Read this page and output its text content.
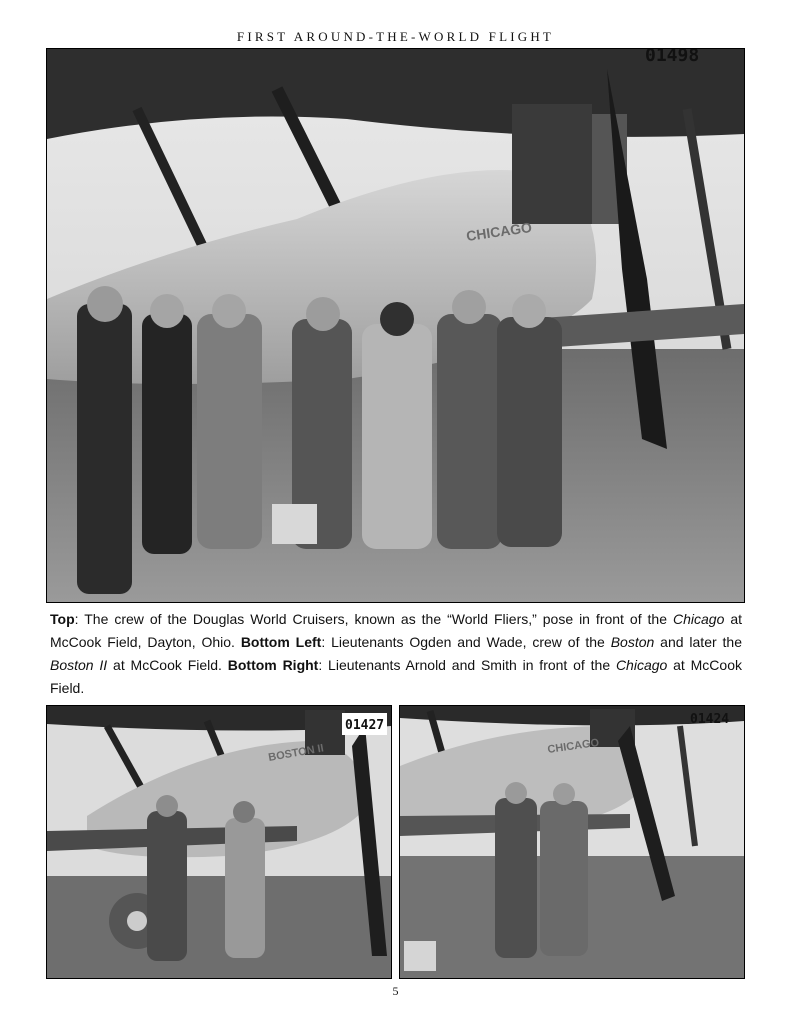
FIRST AROUND-THE-WORLD FLIGHT
CHICAGO
01498
Top: The crew of the Douglas World Cruisers, known as the “World Fliers,” pose in front of the Chicago at McCook Field, Dayton, Ohio. Bottom Left: Lieutenants Ogden and Wade, crew of the Boston and later the Boston II at McCook Field. Bottom Right: Lieutenants Arnold and Smith in front of the Chicago at McCook Field.
01427
BOSTON II
01424
CHICAGO
5
